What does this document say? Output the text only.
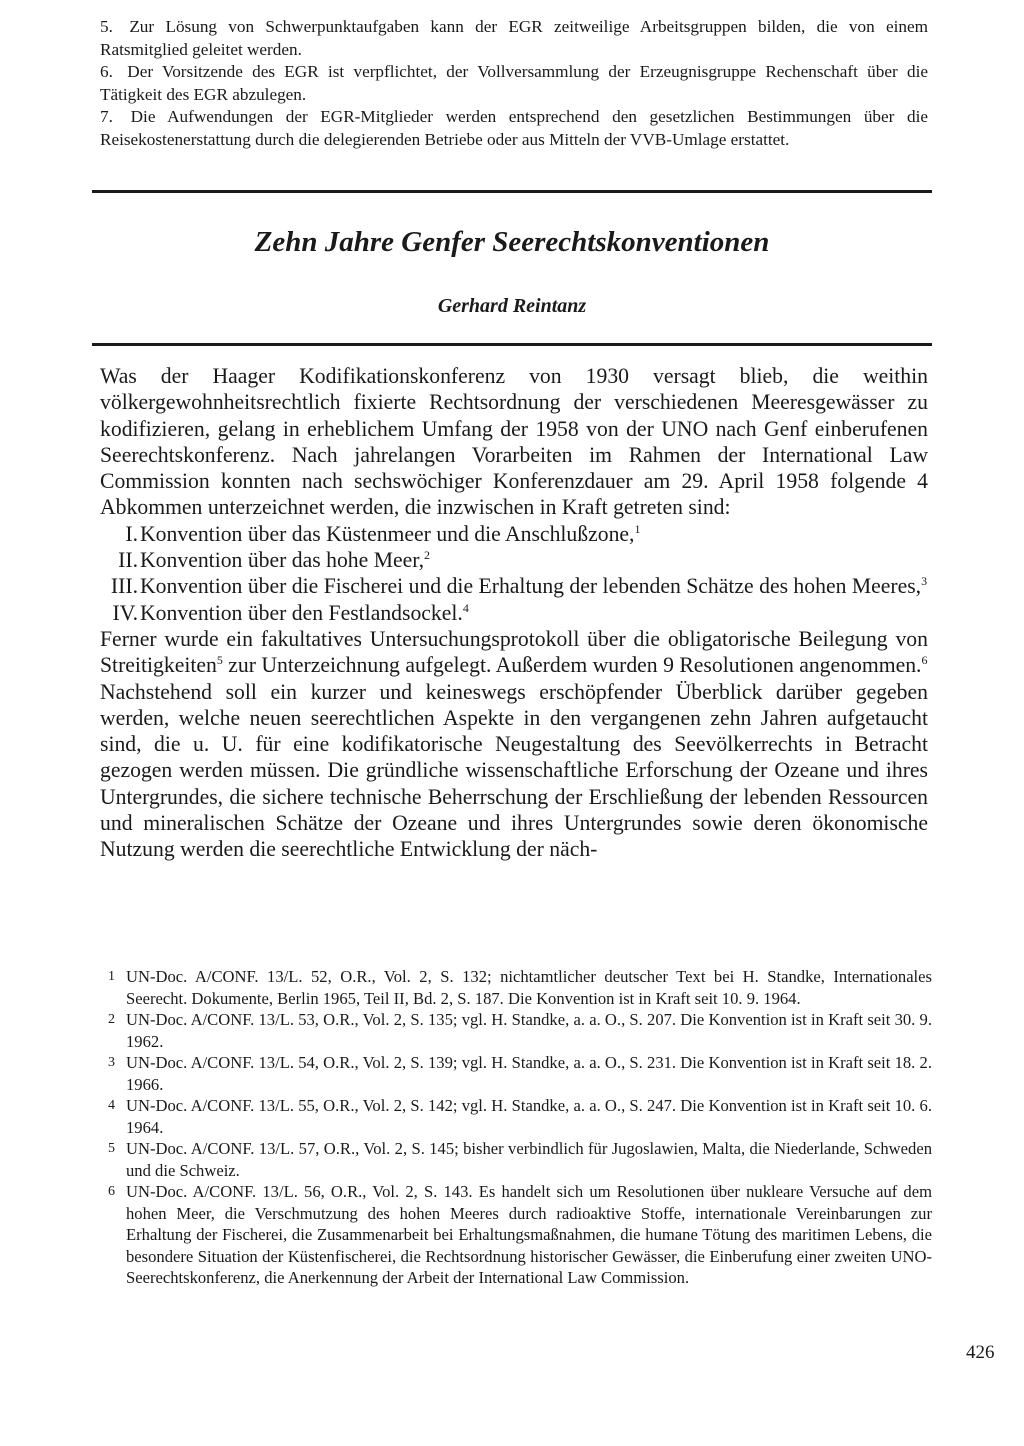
5. Zur Lösung von Schwerpunktaufgaben kann der EGR zeitweilige Arbeitsgruppen bilden, die von einem Ratsmitglied geleitet werden.
6. Der Vorsitzende des EGR ist verpflichtet, der Vollversammlung der Erzeugnisgruppe Rechenschaft über die Tätigkeit des EGR abzulegen.
7. Die Aufwendungen der EGR-Mitglieder werden entsprechend den gesetzlichen Bestimmungen über die Reisekostenerstattung durch die delegierenden Betriebe oder aus Mitteln der VVB-Umlage erstattet.
Zehn Jahre Genfer Seerechtskonventionen
Gerhard Reintanz
Was der Haager Kodifikationskonferenz von 1930 versagt blieb, die weithin völkergewohnheitsrechtlich fixierte Rechtsordnung der verschiedenen Meeresgewässer zu kodifizieren, gelang in erheblichem Umfang der 1958 von der UNO nach Genf einberufenen Seerechtskonferenz. Nach jahrelangen Vorarbeiten im Rahmen der International Law Commission konnten nach sechswöchiger Konferenzdauer am 29. April 1958 folgende 4 Abkommen unterzeichnet werden, die inzwischen in Kraft getreten sind:
I. Konvention über das Küstenmeer und die Anschlußzone,$^1$
II. Konvention über das hohe Meer,$^2$
III. Konvention über die Fischerei und die Erhaltung der lebenden Schätze des hohen Meeres,$^3$
IV. Konvention über den Festlandsockel.$^4$
Ferner wurde ein fakultatives Untersuchungsprotokoll über die obligatorische Beilegung von Streitigkeiten$^5$ zur Unterzeichnung aufgelegt. Außerdem wurden 9 Resolutionen angenommen.$^6$
Nachstehend soll ein kurzer und keineswegs erschöpfender Überblick darüber gegeben werden, welche neuen seerechtlichen Aspekte in den vergangenen zehn Jahren aufgetaucht sind, die u. U. für eine kodifikatorische Neugestaltung des Seevölkerrechts in Betracht gezogen werden müssen. Die gründliche wissenschaftliche Erforschung der Ozeane und ihres Untergrundes, die sichere technische Beherrschung der Erschließung der lebenden Ressourcen und mineralischen Schätze der Ozeane und ihres Untergrundes sowie deren ökonomische Nutzung werden die seerechtliche Entwicklung der näch-
1 UN-Doc. A/CONF. 13/L. 52, O.R., Vol. 2, S. 132; nichtamtlicher deutscher Text bei H. Standke, Internationales Seerecht. Dokumente, Berlin 1965, Teil II, Bd. 2, S. 187. Die Konvention ist in Kraft seit 10. 9. 1964.
2 UN-Doc. A/CONF. 13/L. 53, O.R., Vol. 2, S. 135; vgl. H. Standke, a. a. O., S. 207. Die Konvention ist in Kraft seit 30. 9. 1962.
3 UN-Doc. A/CONF. 13/L. 54, O.R., Vol. 2, S. 139; vgl. H. Standke, a. a. O., S. 231. Die Konvention ist in Kraft seit 18. 2. 1966.
4 UN-Doc. A/CONF. 13/L. 55, O.R., Vol. 2, S. 142; vgl. H. Standke, a. a. O., S. 247. Die Konvention ist in Kraft seit 10. 6. 1964.
5 UN-Doc. A/CONF. 13/L. 57, O.R., Vol. 2, S. 145; bisher verbindlich für Jugoslawien, Malta, die Niederlande, Schweden und die Schweiz.
6 UN-Doc. A/CONF. 13/L. 56, O.R., Vol. 2, S. 143. Es handelt sich um Resolutionen über nukleare Versuche auf dem hohen Meer, die Verschmutzung des hohen Meeres durch radioaktive Stoffe, internationale Vereinbarungen zur Erhaltung der Fischerei, die Zusammenarbeit bei Erhaltungsmaßnahmen, die humane Tötung des maritimen Lebens, die besondere Situation der Küstenfischerei, die Rechtsordnung historischer Gewässer, die Einberufung einer zweiten UNO-Seerechtskonferenz, die Anerkennung der Arbeit der International Law Commission.
426
